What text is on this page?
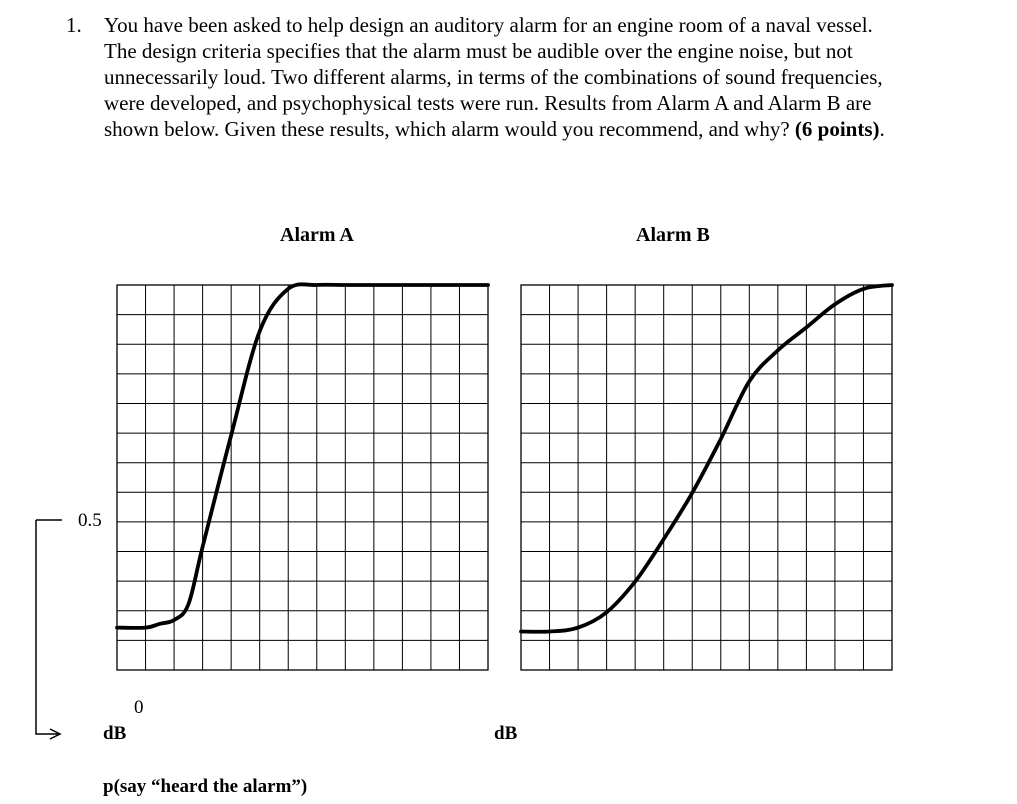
1. You have been asked to help design an auditory alarm for an engine room of a naval vessel.
The design criteria specifies that the alarm must be audible over the engine noise, but not
unnecessarily loud. Two different alarms, in terms of the combinations of sound frequencies,
were developed, and psychophysical tests were run. Results from Alarm A and Alarm B are
shown below. Given these results, which alarm would you recommend, and why? (6 points).
Alarm A	Alarm B
0.5
0
dB	dB
p(say “heard the alarm”)
